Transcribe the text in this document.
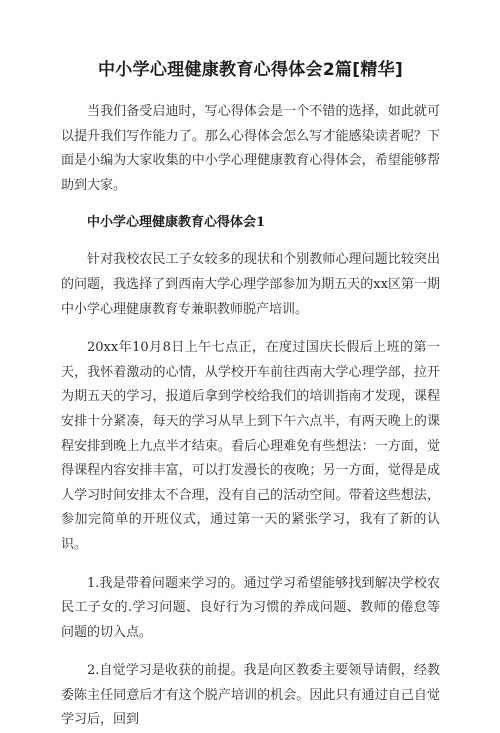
中小学心理健康教育心得体会2篇[精华]

当我们备受启迪时，写心得体会是一个不错的选择，如此就可以提升我们写作能力了。那么心得体会怎么写才能感染读者呢？下面是小编为大家收集的中小学心理健康教育心得体会，希望能够帮助到大家。

中小学心理健康教育心得体会1

针对我校农民工子女较多的现状和个别教师心理问题比较突出的问题，我选择了到西南大学心理学部参加为期五天的xx区第一期中小学心理健康教育专兼职教师脱产培训。

20xx年10月8日上午七点正，在度过国庆长假后上班的第一天，我怀着激动的心情，从学校开车前往西南大学心理学部，拉开为期五天的学习，报道后拿到学校给我们的培训指南才发现，课程安排十分紧凑，每天的学习从早上到下午六点半，有两天晚上的课程安排到晚上九点半才结束。看后心理难免有些想法：一方面，觉得课程内容安排丰富，可以打发漫长的夜晚；另一方面，觉得是成人学习时间安排太不合理，没有自己的活动空间。带着这些想法，参加完简单的开班仪式，通过第一天的紧张学习，我有了新的认识。

1.我是带着问题来学习的。通过学习希望能够找到解决学校农民工子女的.学习问题、良好行为习惯的养成问题、教师的倦怠等问题的切入点。

2.自觉学习是收获的前提。我是向区教委主要领导请假，经教委陈主任同意后才有这个脱产培训的机会。因此只有通过自己自觉学习后，回到
